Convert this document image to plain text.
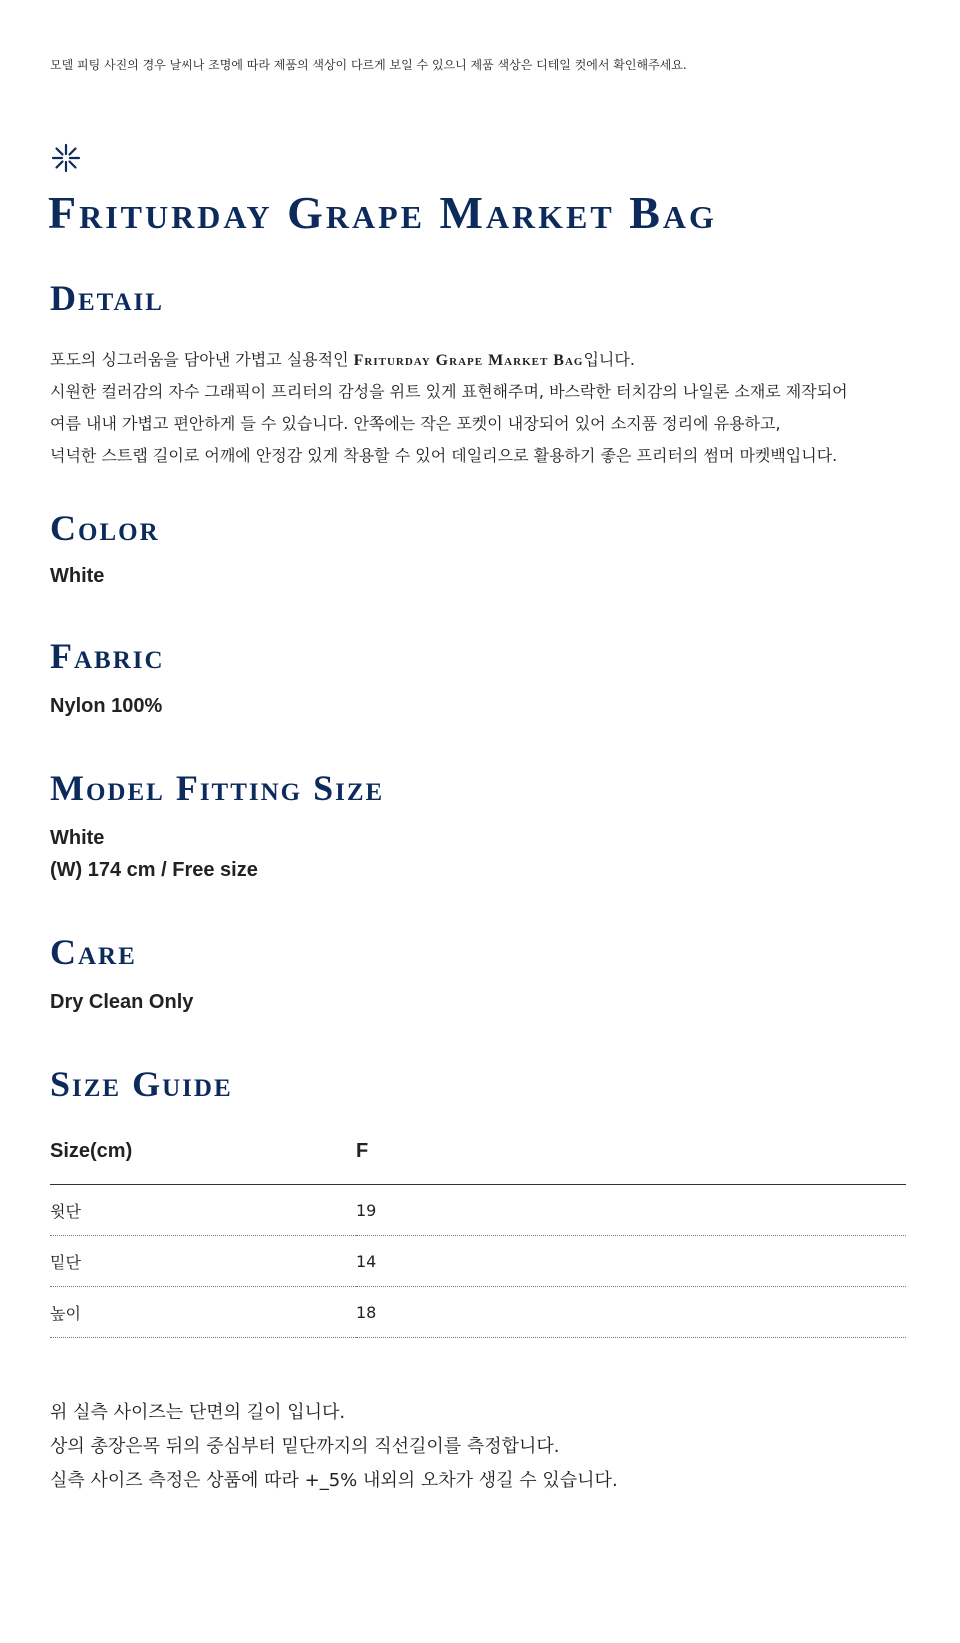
모델 피팅 사진의 경우 날씨나 조명에 따라 제품의 색상이 다르게 보일 수 있으니 제품 색상은 디테일 컷에서 확인해주세요.
Friturday Grape Market Bag
Detail
포도의 싱그러움을 담아낸 가볍고 실용적인 Friturday Grape Market Bag입니다.
시원한 컬러감의 자수 그래픽이 프리터의 감성을 위트 있게 표현해주며, 바스락한 터치감의 나일론 소재로 제작되어
여름 내내 가볍고 편안하게 들 수 있습니다. 안쪽에는 작은 포켓이 내장되어 있어 소지품 정리에 유용하고,
넉넉한 스트랩 길이로 어깨에 안정감 있게 착용할 수 있어 데일리으로 활용하기 좋은 프리터의 썸머 마켓백입니다.
Color
White
Fabric
Nylon 100%
Model Fitting Size
White
(W) 174 cm / Free size
Care
Dry Clean Only
Size Guide
Size(cm)	F
윗단	19
밑단	14
높이	18
위 실측 사이즈는 단면의 길이 입니다.
상의 총장은목 뒤의 중심부터 밑단까지의 직선길이를 측정합니다.
실측 사이즈 측정은 상품에 따라 +_5% 내외의 오차가 생길 수 있습니다.
